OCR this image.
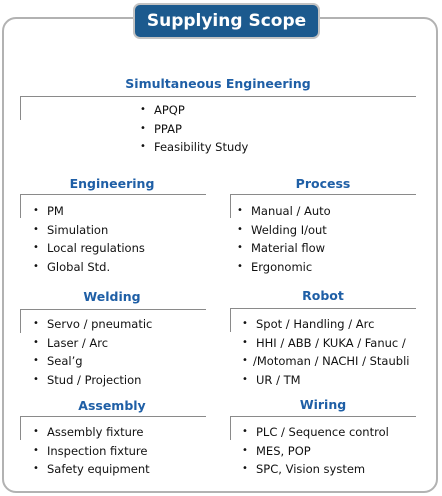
Supplying Scope
Simultaneous Engineering
• APQP
• PPAP
• Feasibility Study
Engineering
• PM
• Simulation
• Local regulations
• Global Std.
Process
• Manual / Auto
• Welding I/out
• Material flow
• Ergonomic
Welding
• Servo / pneumatic
• Laser / Arc
• Seal’g
• Stud / Projection
Robot
• Spot / Handling / Arc
• HHI / ABB / KUKA / Fanuc /
• /Motoman / NACHI / Staubli
• UR / TM
Assembly
• Assembly fixture
• Inspection fixture
• Safety equipment
Wiring
• PLC / Sequence control
• MES, POP
• SPC, Vision system
